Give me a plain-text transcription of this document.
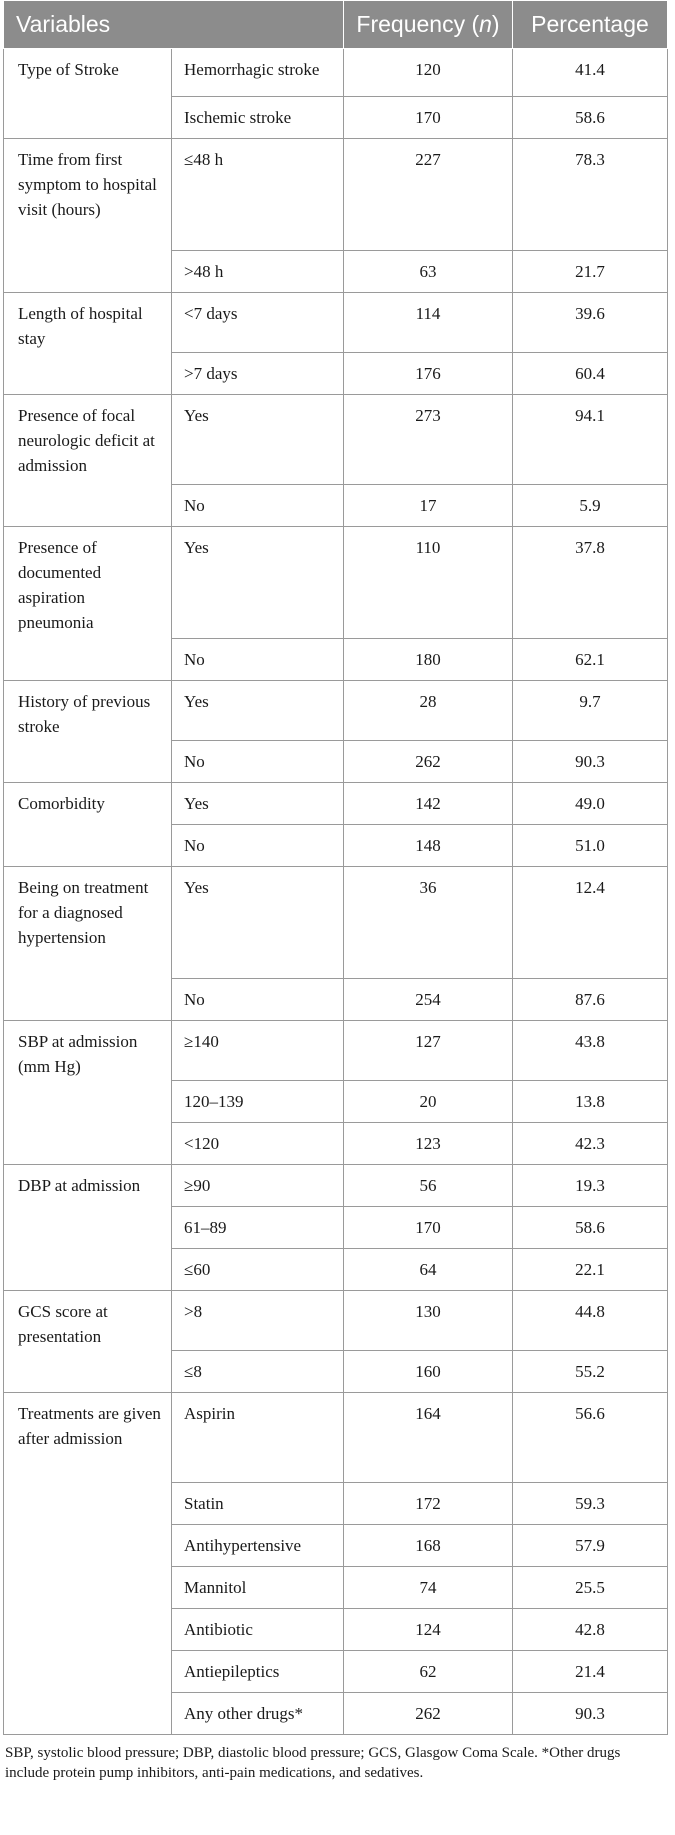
Variables		Frequency (n)	Percentage
Type of Stroke	Hemorrhagic stroke	120	41.4
	Ischemic stroke	170	58.6
Time from first symptom to hospital visit (hours)	≤48 h	227	78.3
	>48 h	63	21.7
Length of hospital stay	<7 days	114	39.6
	>7 days	176	60.4
Presence of focal neurologic deficit at admission	Yes	273	94.1
	No	17	5.9
Presence of documented aspiration pneumonia	Yes	110	37.8
	No	180	62.1
History of previous stroke	Yes	28	9.7
	No	262	90.3
Comorbidity	Yes	142	49.0
	No	148	51.0
Being on treatment for a diagnosed hypertension	Yes	36	12.4
	No	254	87.6
SBP at admission (mm Hg)	≥140	127	43.8
	120–139	20	13.8
	<120	123	42.3
DBP at admission	≥90	56	19.3
	61–89	170	58.6
	≤60	64	22.1
GCS score at presentation	>8	130	44.8
	≤8	160	55.2
Treatments are given after admission	Aspirin	164	56.6
	Statin	172	59.3
	Antihypertensive	168	57.9
	Mannitol	74	25.5
	Antibiotic	124	42.8
	Antiepileptics	62	21.4
	Any other drugs*	262	90.3
SBP, systolic blood pressure; DBP, diastolic blood pressure; GCS, Glasgow Coma Scale. *Other drugs include protein pump inhibitors, anti-pain medications, and sedatives.
